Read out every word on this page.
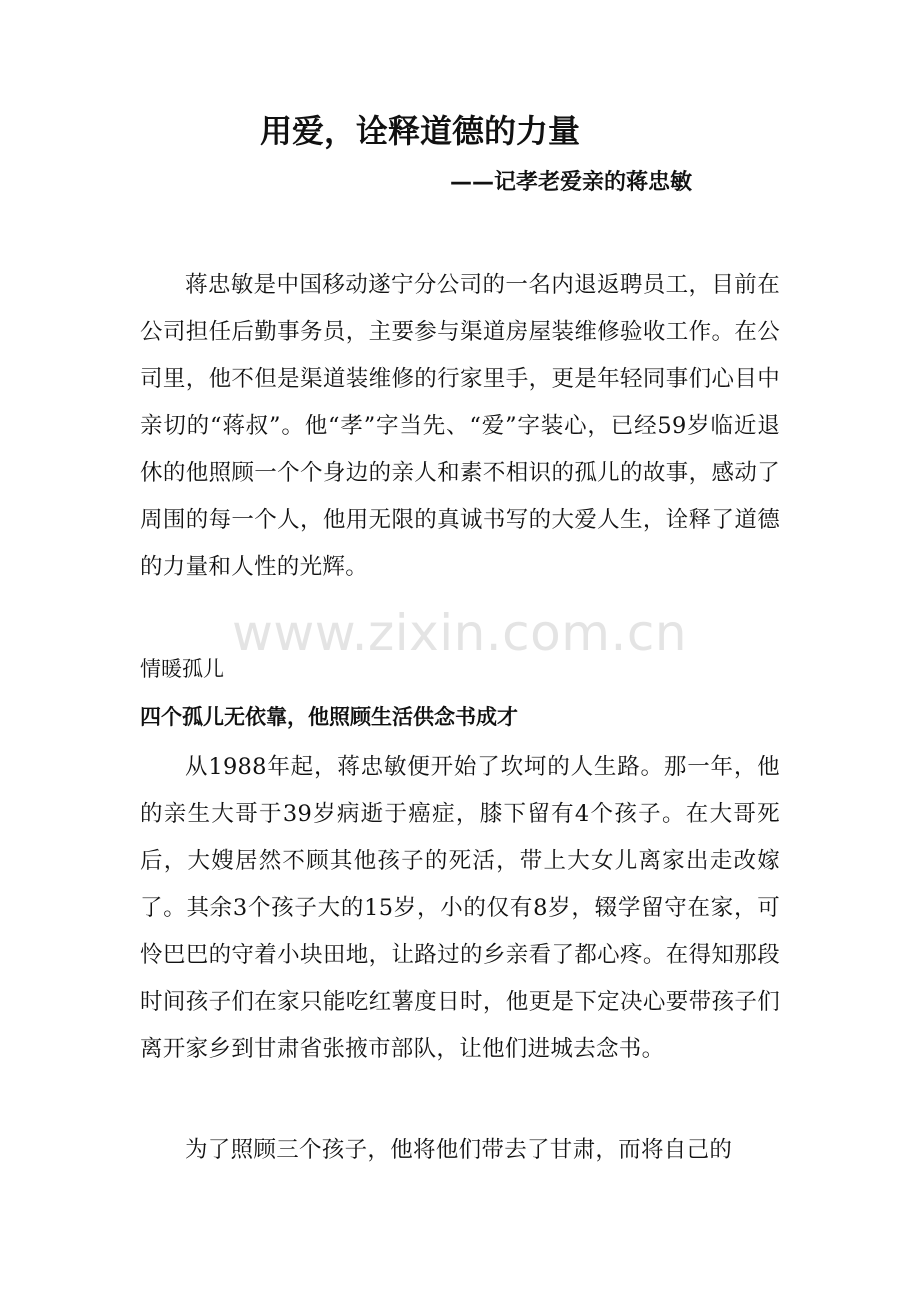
用爱，诠释道德的力量
——记孝老爱亲的蒋忠敏

蒋忠敏是中国移动遂宁分公司的一名内退返聘员工，目前在公司担任后勤事务员，主要参与渠道房屋装维修验收工作。在公司里，他不但是渠道装维修的行家里手，更是年轻同事们心目中亲切的“蒋叔”。他“孝”字当先、“爱”字装心，已经59岁临近退休的他照顾一个个身边的亲人和素不相识的孤儿的故事，感动了周围的每一个人，他用无限的真诚书写的大爱人生，诠释了道德的力量和人性的光辉。

www.zixin.com.cn
情暖孤儿
四个孤儿无依靠，他照顾生活供念书成才

从1988年起，蒋忠敏便开始了坎坷的人生路。那一年，他的亲生大哥于39岁病逝于癌症，膝下留有4个孩子。在大哥死后，大嫂居然不顾其他孩子的死活，带上大女儿离家出走改嫁了。其余3个孩子大的15岁，小的仅有8岁，辍学留守在家，可怜巴巴的守着小块田地，让路过的乡亲看了都心疼。在得知那段时间孩子们在家只能吃红薯度日时，他更是下定决心要带孩子们离开家乡到甘肃省张掖市部队，让他们进城去念书。

为了照顾三个孩子，他将他们带去了甘肃，而将自己的
